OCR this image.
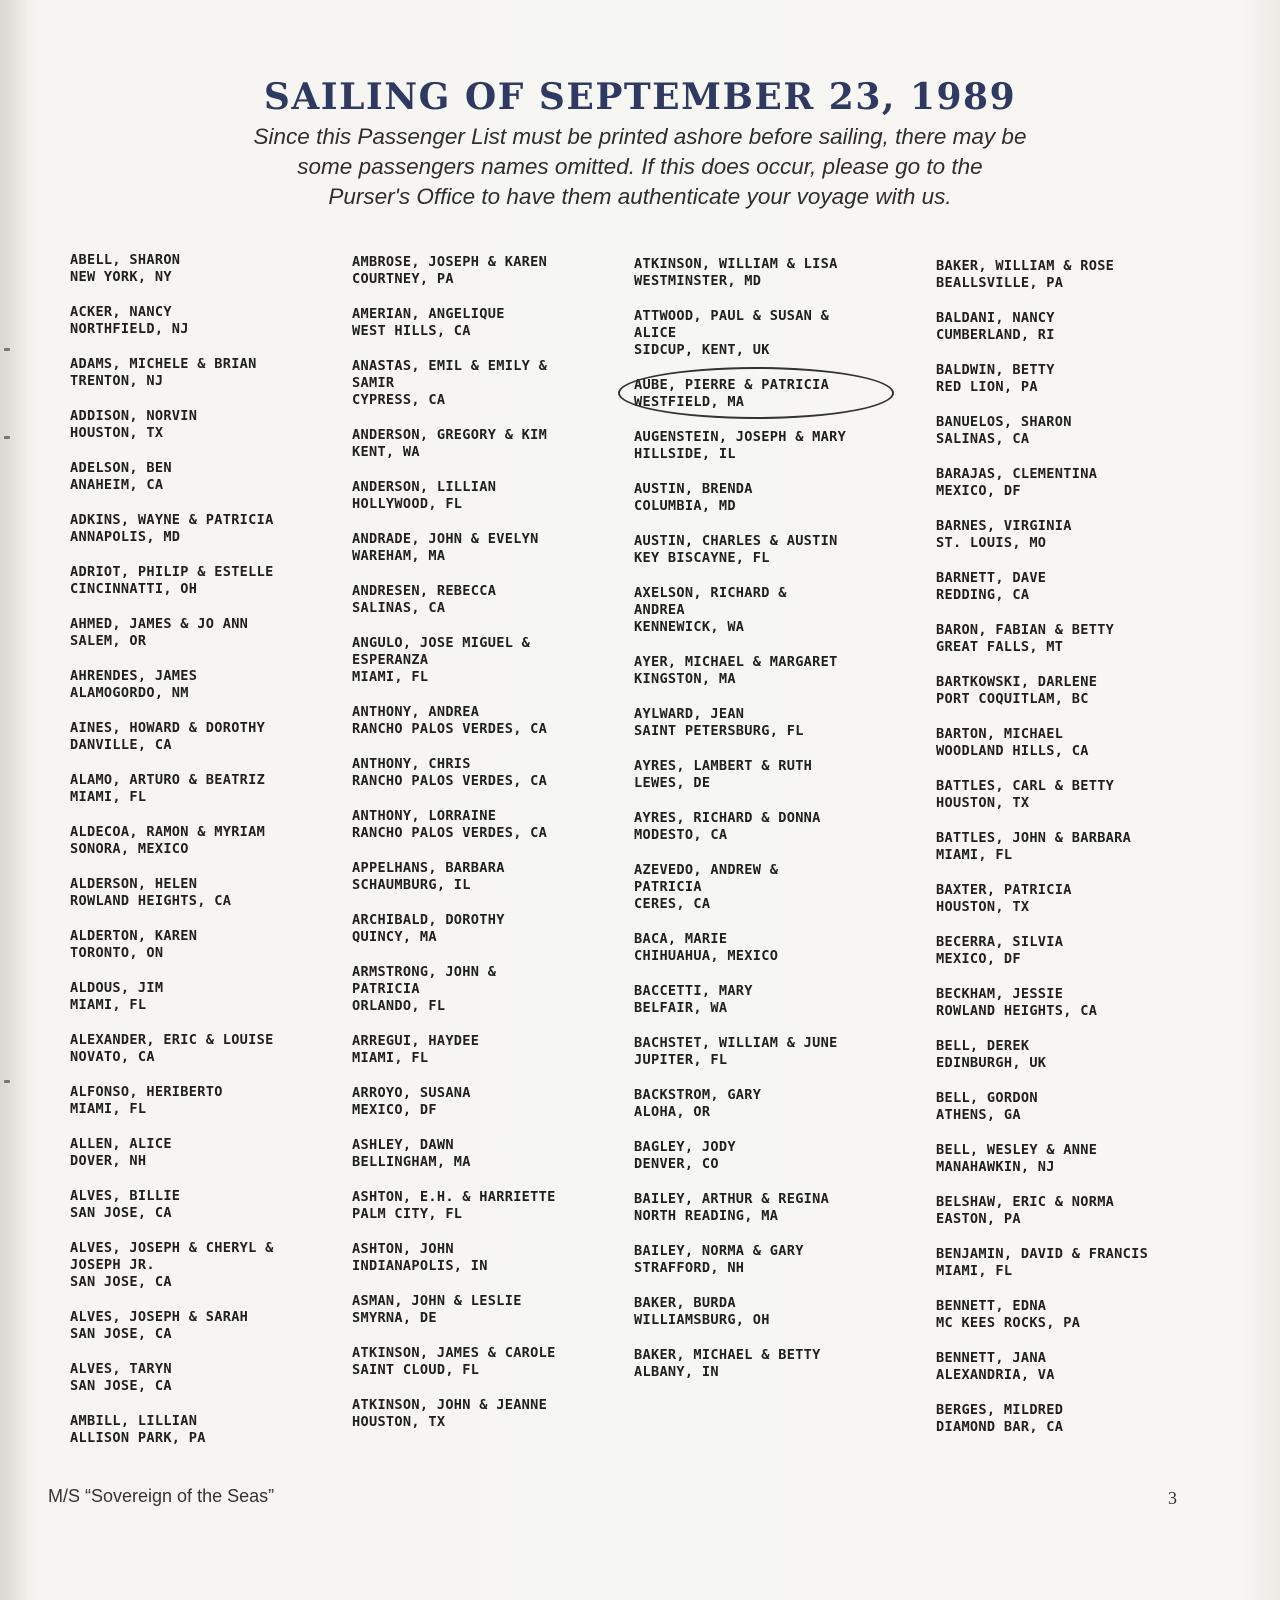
SAILING OF SEPTEMBER 23, 1989
Since this Passenger List must be printed ashore before sailing, there may be
some passengers names omitted. If this does occur, please go to the
Purser's Office to have them authenticate your voyage with us.
ABELL, SHARON
NEW YORK, NY
ACKER, NANCY
NORTHFIELD, NJ
ADAMS, MICHELE & BRIAN
TRENTON, NJ
ADDISON, NORVIN
HOUSTON, TX
ADELSON, BEN
ANAHEIM, CA
ADKINS, WAYNE & PATRICIA
ANNAPOLIS, MD
ADRIOT, PHILIP & ESTELLE
CINCINNATTI, OH
AHMED, JAMES & JO ANN
SALEM, OR
AHRENDES, JAMES
ALAMOGORDO, NM
AINES, HOWARD & DOROTHY
DANVILLE, CA
ALAMO, ARTURO & BEATRIZ
MIAMI, FL
ALDECOA, RAMON & MYRIAM
SONORA, MEXICO
ALDERSON, HELEN
ROWLAND HEIGHTS, CA
ALDERTON, KAREN
TORONTO, ON
ALDOUS, JIM
MIAMI, FL
ALEXANDER, ERIC & LOUISE
NOVATO, CA
ALFONSO, HERIBERTO
MIAMI, FL
ALLEN, ALICE
DOVER, NH
ALVES, BILLIE
SAN JOSE, CA
ALVES, JOSEPH & CHERYL &
JOSEPH JR.
SAN JOSE, CA
ALVES, JOSEPH & SARAH
SAN JOSE, CA
ALVES, TARYN
SAN JOSE, CA
AMBILL, LILLIAN
ALLISON PARK, PA
AMBROSE, JOSEPH & KAREN
COURTNEY, PA
AMERIAN, ANGELIQUE
WEST HILLS, CA
ANASTAS, EMIL & EMILY &
SAMIR
CYPRESS, CA
ANDERSON, GREGORY & KIM
KENT, WA
ANDERSON, LILLIAN
HOLLYWOOD, FL
ANDRADE, JOHN & EVELYN
WAREHAM, MA
ANDRESEN, REBECCA
SALINAS, CA
ANGULO, JOSE MIGUEL &
ESPERANZA
MIAMI, FL
ANTHONY, ANDREA
RANCHO PALOS VERDES, CA
ANTHONY, CHRIS
RANCHO PALOS VERDES, CA
ANTHONY, LORRAINE
RANCHO PALOS VERDES, CA
APPELHANS, BARBARA
SCHAUMBURG, IL
ARCHIBALD, DOROTHY
QUINCY, MA
ARMSTRONG, JOHN &
PATRICIA
ORLANDO, FL
ARREGUI, HAYDEE
MIAMI, FL
ARROYO, SUSANA
MEXICO, DF
ASHLEY, DAWN
BELLINGHAM, MA
ASHTON, E.H. & HARRIETTE
PALM CITY, FL
ASHTON, JOHN
INDIANAPOLIS, IN
ASMAN, JOHN & LESLIE
SMYRNA, DE
ATKINSON, JAMES & CAROLE
SAINT CLOUD, FL
ATKINSON, JOHN & JEANNE
HOUSTON, TX
ATKINSON, WILLIAM & LISA
WESTMINSTER, MD
ATTWOOD, PAUL & SUSAN &
ALICE
SIDCUP, KENT, UK
AUBE, PIERRE & PATRICIA
WESTFIELD, MA
AUGENSTEIN, JOSEPH & MARY
HILLSIDE, IL
AUSTIN, BRENDA
COLUMBIA, MD
AUSTIN, CHARLES & AUSTIN
KEY BISCAYNE, FL
AXELSON, RICHARD &
ANDREA
KENNEWICK, WA
AYER, MICHAEL & MARGARET
KINGSTON, MA
AYLWARD, JEAN
SAINT PETERSBURG, FL
AYRES, LAMBERT & RUTH
LEWES, DE
AYRES, RICHARD & DONNA
MODESTO, CA
AZEVEDO, ANDREW &
PATRICIA
CERES, CA
BACA, MARIE
CHIHUAHUA, MEXICO
BACCETTI, MARY
BELFAIR, WA
BACHSTET, WILLIAM & JUNE
JUPITER, FL
BACKSTROM, GARY
ALOHA, OR
BAGLEY, JODY
DENVER, CO
BAILEY, ARTHUR & REGINA
NORTH READING, MA
BAILEY, NORMA & GARY
STRAFFORD, NH
BAKER, BURDA
WILLIAMSBURG, OH
BAKER, MICHAEL & BETTY
ALBANY, IN
BAKER, WILLIAM & ROSE
BEALLSVILLE, PA
BALDANI, NANCY
CUMBERLAND, RI
BALDWIN, BETTY
RED LION, PA
BANUELOS, SHARON
SALINAS, CA
BARAJAS, CLEMENTINA
MEXICO, DF
BARNES, VIRGINIA
ST. LOUIS, MO
BARNETT, DAVE
REDDING, CA
BARON, FABIAN & BETTY
GREAT FALLS, MT
BARTKOWSKI, DARLENE
PORT COQUITLAM, BC
BARTON, MICHAEL
WOODLAND HILLS, CA
BATTLES, CARL & BETTY
HOUSTON, TX
BATTLES, JOHN & BARBARA
MIAMI, FL
BAXTER, PATRICIA
HOUSTON, TX
BECERRA, SILVIA
MEXICO, DF
BECKHAM, JESSIE
ROWLAND HEIGHTS, CA
BELL, DEREK
EDINBURGH, UK
BELL, GORDON
ATHENS, GA
BELL, WESLEY & ANNE
MANAHAWKIN, NJ
BELSHAW, ERIC & NORMA
EASTON, PA
BENJAMIN, DAVID & FRANCIS
MIAMI, FL
BENNETT, EDNA
MC KEES ROCKS, PA
BENNETT, JANA
ALEXANDRIA, VA
BERGES, MILDRED
DIAMOND BAR, CA
M/S “Sovereign of the Seas”	3
